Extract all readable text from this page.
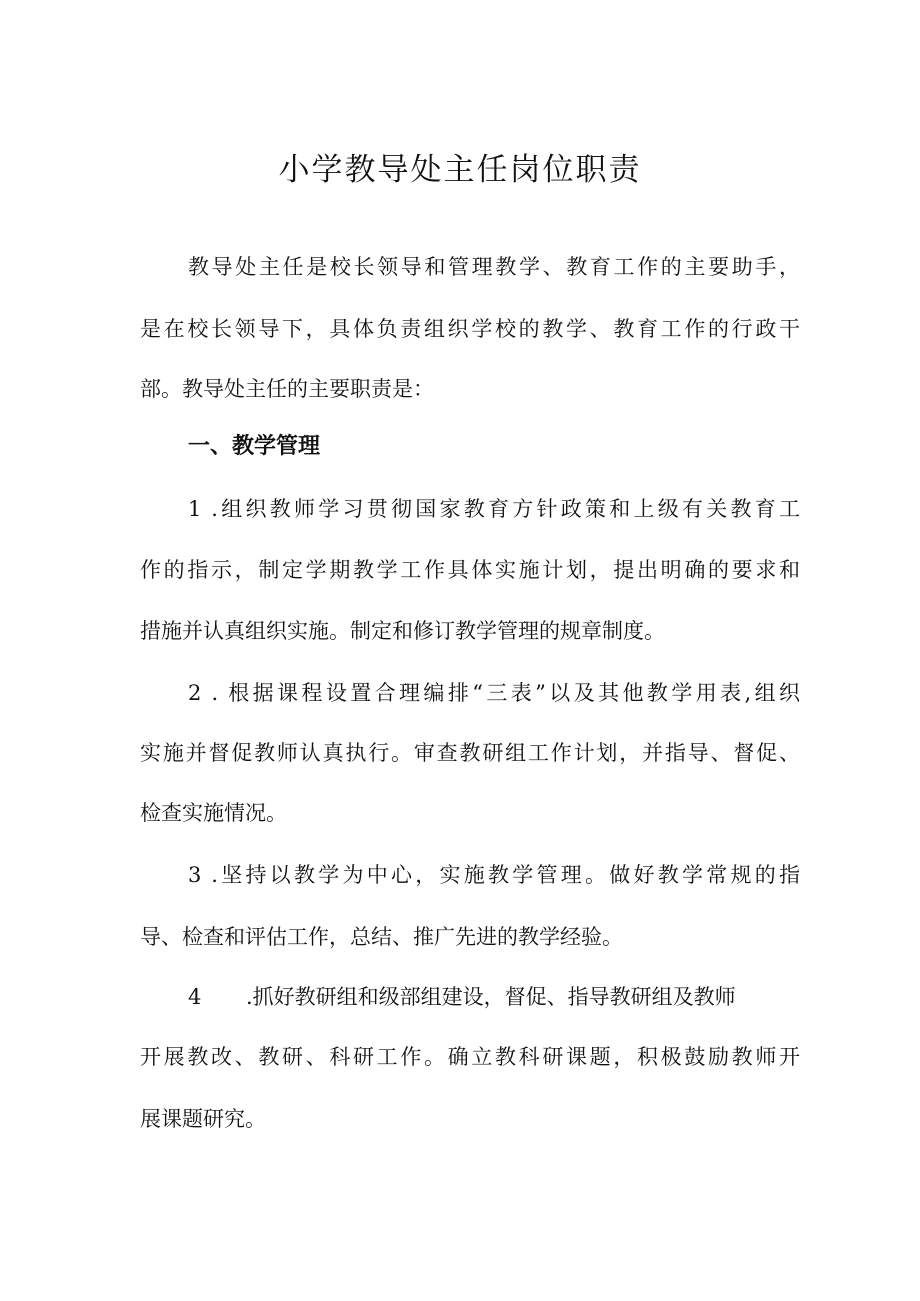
小学教导处主任岗位职责

教导处主任是校长领导和管理教学、教育工作的主要助手，

是在校长领导下，具体负责组织学校的教学、教育工作的行政干

部。教导处主任的主要职责是：

一、教学管理

1 .组织教师学习贯彻国家教育方针政策和上级有关教育工

作的指示，制定学期教学工作具体实施计划，提出明确的要求和

措施并认真组织实施。制定和修订教学管理的规章制度。

2 . 根据课程设置合理编排“三表”以及其他教学用表,组织

实施并督促教师认真执行。审查教研组工作计划，并指导、督促、

检查实施情况。

3 .坚持以教学为中心，实施教学管理。做好教学常规的指

导、检查和评估工作，总结、推广先进的教学经验。

4 .抓好教研组和级部组建设，督促、指导教研组及教师

开展教改、教研、科研工作。确立教科研课题，积极鼓励教师开

展课题研究。
